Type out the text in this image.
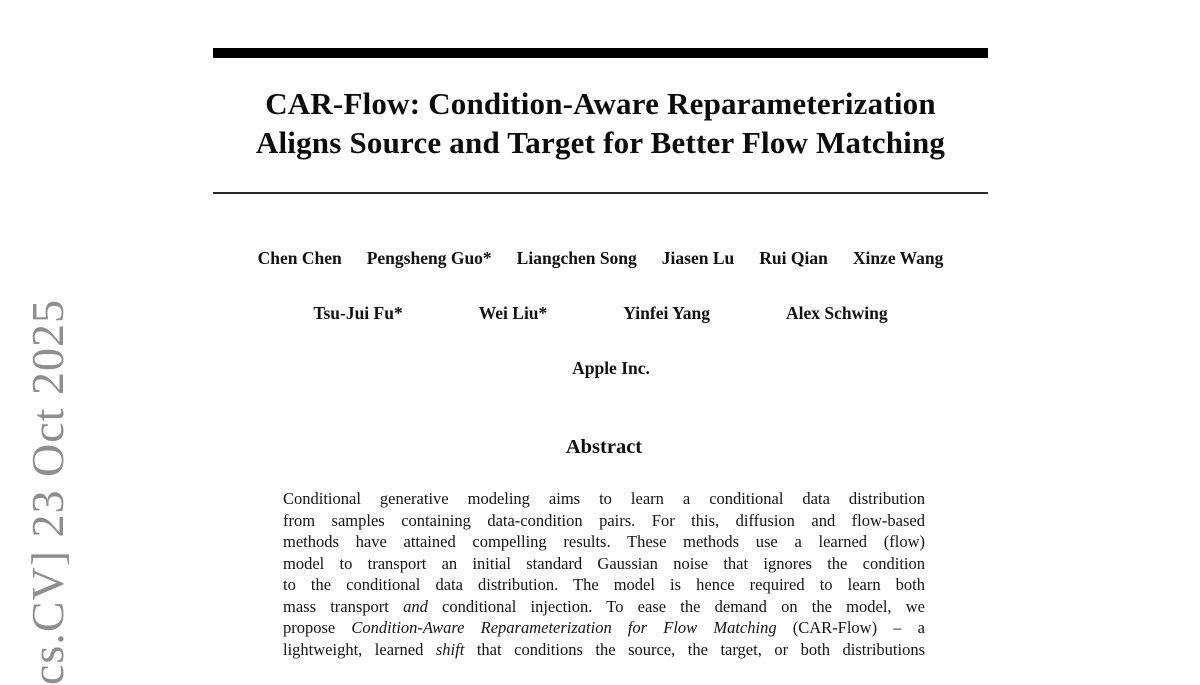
cs.CV] 23 Oct 2025
CAR-Flow: Condition-Aware Reparameterization
Aligns Source and Target for Better Flow Matching
Chen Chen Pengsheng Guo* Liangchen Song Jiasen Lu Rui Qian Xinze Wang
Tsu-Jui Fu*	Wei Liu*	Yinfei Yang	Alex Schwing
Apple Inc.
Abstract
Conditional generative modeling aims to learn a conditional data distribution
from samples containing data-condition pairs. For this, diffusion and flow-based
methods have attained compelling results. These methods use a learned (flow)
model to transport an initial standard Gaussian noise that ignores the condition
to the conditional data distribution. The model is hence required to learn both
mass transport and conditional injection. To ease the demand on the model, we
propose Condition-Aware Reparameterization for Flow Matching (CAR-Flow) – a
lightweight, learned shift that conditions the source, the target, or both distributions
